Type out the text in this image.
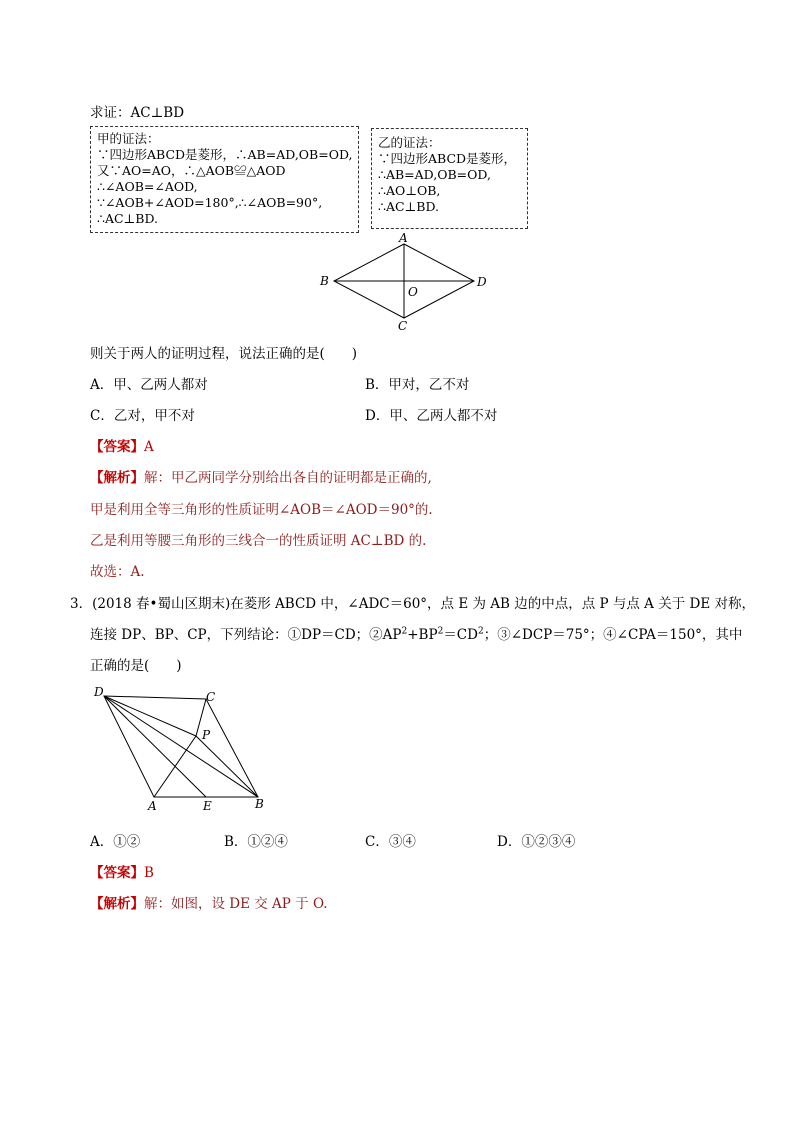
求证：AC⊥BD
甲的证法：
∵四边形ABCD是菱形，∴AB=AD,OB=OD,
又∵AO=AO，∴△AOB≌△AOD
∴∠AOB=∠AOD,
∵∠AOB+∠AOD=180°,∴∠AOB=90°,
∴AC⊥BD.
乙的证法：
∵四边形ABCD是菱形，
∴AB=AD,OB=OD,
∴AO⊥OB,
∴AC⊥BD.
A
B
C
D
O
则关于两人的证明过程，说法正确的是(　　)
A．甲、乙两人都对	B．甲对，乙不对
C．乙对，甲不对	D．甲、乙两人都不对
【答案】A
【解析】解：甲乙两同学分别给出各自的证明都是正确的,
甲是利用全等三角形的性质证明∠AOB＝∠AOD＝90°的.
乙是利用等腰三角形的三线合一的性质证明 AC⊥BD 的.
故选：A.
3．(2018 春•蜀山区期末)在菱形 ABCD 中，∠ADC＝60°，点 E 为 AB 边的中点，点 P 与点 A 关于 DE 对称，
连接 DP、BP、CP，下列结论：①DP＝CD；$②AP^2+BP^2=CD^2$；③∠DCP＝75°；④∠CPA＝150°，其中
正确的是(　　)
D	C
P
A	E	B
A．①②	B．①②④	C．③④	D．①②③④
【答案】B
【解析】解：如图，设 DE 交 AP 于 O.
